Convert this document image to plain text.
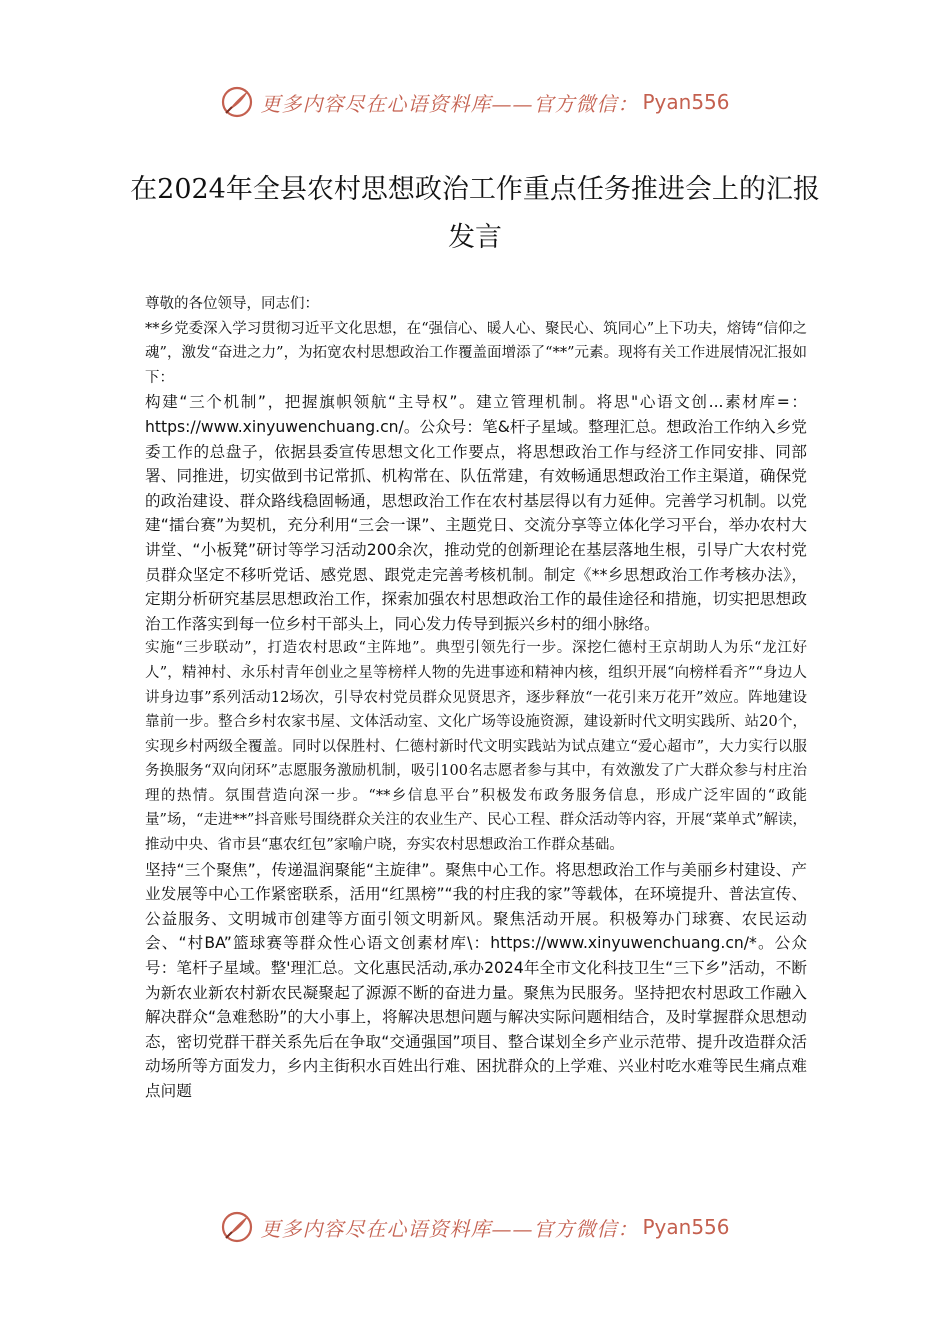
更多内容尽在心语资料库——官方微信： Pyan556
在2024年全县农村思想政治工作重点任务推进会上的汇报发言

尊敬的各位领导，同志们：

**乡党委深入学习贯彻习近平文化思想，在“强信心、暖人心、聚民心、筑同心”上下功夫，熔铸“信仰之魂”，激发“奋进之力”，为拓宽农村思想政治工作覆盖面增添了“**”元素。现将有关工作进展情况汇报如下：

构建“三个机制”，把握旗帜领航“主导权”。建立管理机制。将思"心语文创...素材库=：https://www.xinyuwenchuang.cn/。公众号：笔&杆子星域。整理汇总。想政治工作纳入乡党委工作的总盘子，依据县委宣传思想文化工作要点，将思想政治工作与经济工作同安排、同部署、同推进，切实做到书记常抓、机构常在、队伍常建，有效畅通思想政治工作主渠道，确保党的政治建设、群众路线稳固畅通，思想政治工作在农村基层得以有力延伸。完善学习机制。以党建“擂台赛”为契机，充分利用“三会一课”、主题党日、交流分享等立体化学习平台，举办农村大讲堂、“小板凳”研讨等学习活动200余次，推动党的创新理论在基层落地生根，引导广大农村党员群众坚定不移听党话、感党恩、跟党走完善考核机制。制定《**乡思想政治工作考核办法》，定期分析研究基层思想政治工作，探索加强农村思想政治工作的最佳途径和措施，切实把思想政治工作落实到每一位乡村干部头上，同心发力传导到振兴乡村的细小脉络。

实施“三步联动”，打造农村思政“主阵地”。典型引领先行一步。深挖仁德村王京胡助人为乐“龙江好人”，精神村、永乐村青年创业之星等榜样人物的先进事迹和精神内核，组织开展“向榜样看齐”“身边人讲身边事”系列活动12场次，引导农村党员群众见贤思齐，逐步释放“一花引来万花开”效应。阵地建设靠前一步。整合乡村农家书屋、文体活动室、文化广场等设施资源，建设新时代文明实践所、站20个，实现乡村两级全覆盖。同时以保胜村、仁德村新时代文明实践站为试点建立“爱心超市”，大力实行以服务换服务“双向闭环”志愿服务激励机制，吸引100名志愿者参与其中，有效激发了广大群众参与村庄治理的热情。氛围营造向深一步。“**乡信息平台”积极发布政务服务信息，形成广泛牢固的“政能量”场，“走进**”抖音账号围绕群众关注的农业生产、民心工程、群众活动等内容，开展“菜单式”解读，推动中央、省市县“惠农红包”家喻户晓，夯实农村思想政治工作群众基础。

坚持“三个聚焦”，传递温润聚能“主旋律”。聚焦中心工作。将思想政治工作与美丽乡村建设、产业发展等中心工作紧密联系，活用“红黑榜”“我的村庄我的家”等载体，在环境提升、普法宣传、公益服务、文明城市创建等方面引领文明新风。聚焦活动开展。积极筹办门球赛、农民运动会、“村BA”篮球赛等群众性心语文创素材库\：https://www.xinyuwenchuang.cn/*。公众号：笔杆子星域。整'理汇总。文化惠民活动,承办2024年全市文化科技卫生“三下乡”活动，不断为新农业新农村新农民凝聚起了源源不断的奋进力量。聚焦为民服务。坚持把农村思政工作融入解决群众“急难愁盼”的大小事上，将解决思想问题与解决实际问题相结合，及时掌握群众思想动态，密切党群干群关系先后在争取“交通强国”项目、整合谋划全乡产业示范带、提升改造群众活动场所等方面发力，乡内主街积水百姓出行难、困扰群众的上学难、兴业村吃水难等民生痛点难点问题

更多内容尽在心语资料库——官方微信： Pyan556
